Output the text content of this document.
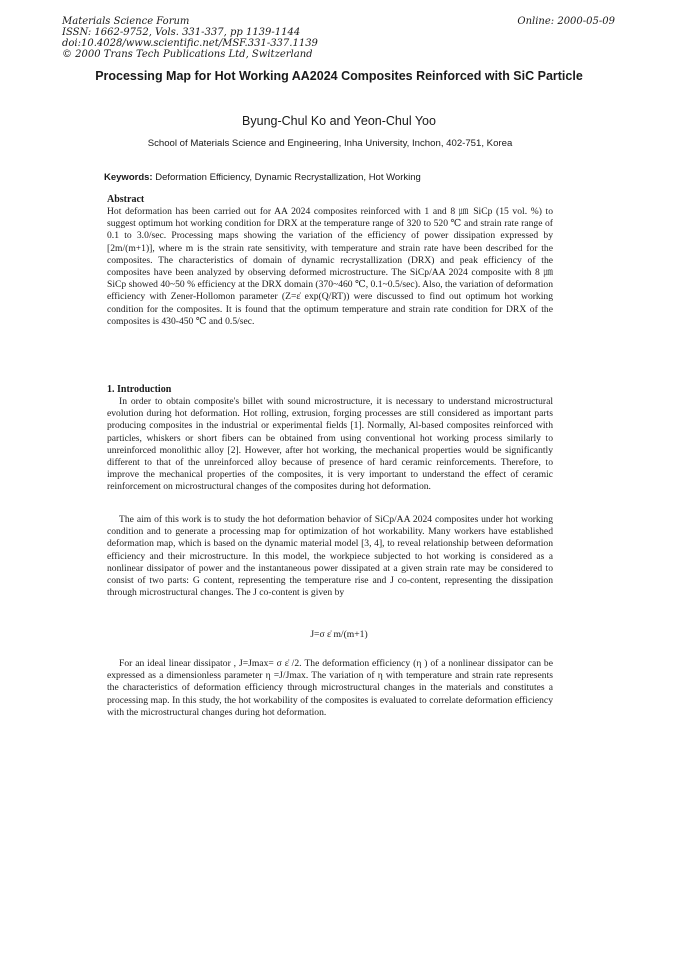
Materials Science Forum
ISSN: 1662-9752, Vols. 331-337, pp 1139-1144
doi:10.4028/www.scientific.net/MSF.331-337.1139
© 2000 Trans Tech Publications Ltd, Switzerland
Online: 2000-05-09
Processing Map for Hot Working AA2024 Composites Reinforced with SiC Particle
Byung-Chul Ko and Yeon-Chul Yoo
School of Materials Science and Engineering, Inha University, Inchon, 402-751, Korea
Keywords: Deformation Efficiency, Dynamic Recrystallization, Hot Working
Abstract
Hot deformation has been carried out for AA 2024 composites reinforced with 1 and 8 ㎛ SiCp (15 vol. %) to suggest optimum hot working condition for DRX at the temperature range of 320 to 520 ℃ and strain rate range of 0.1 to 3.0/sec. Processing maps showing the variation of the efficiency of power dissipation expressed by [2m/(m+1)], where m is the strain rate sensitivity, with temperature and strain rate have been described for the composites. The characteristics of domain of dynamic recrystallization (DRX) and peak efficiency of the composites have been analyzed by observing deformed microstructure. The SiCp/AA 2024 composite with 8 ㎛ SiCp showed 40~50 % efficiency at the DRX domain (370~460 ℃, 0.1~0.5/sec). Also, the variation of deformation efficiency with Zener-Hollomon parameter (Z=ε̇ exp(Q/RT)) were discussed to find out optimum hot working condition for the composites. It is found that the optimum temperature and strain rate condition for DRX of the composites is 430-450 ℃ and 0.5/sec.
1. Introduction
In order to obtain composite's billet with sound microstructure, it is necessary to understand microstructural evolution during hot deformation. Hot rolling, extrusion, forging processes are still considered as important parts producing composites in the industrial or experimental fields [1]. Normally, Al-based composites reinforced with particles, whiskers or short fibers can be obtained from using conventional hot working process similarly to unreinforced monolithic alloy [2]. However, after hot working, the mechanical properties would be significantly different to that of the unreinforced alloy because of presence of hard ceramic reinforcements. Therefore, to improve the mechanical properties of the composites, it is very important to understand the effect of ceramic reinforcement on microstructural changes of the composites during hot deformation.
The aim of this work is to study the hot deformation behavior of SiCp/AA 2024 composites under hot working condition and to generate a processing map for optimization of hot workability. Many workers have established deformation map, which is based on the dynamic material model [3, 4], to reveal relationship between deformation efficiency and their microstructure. In this model, the workpiece subjected to hot working is considered as a nonlinear dissipator of power and the instantaneous power dissipated at a given strain rate may be considered to consist of two parts: G content, representing the temperature rise and J co-content, representing the dissipation through microstructural changes. The J co-content is given by
J=σ ε̇ m/(m+1)
For an ideal linear dissipator , J=Jmax= σ ε̇ /2. The deformation efficiency (η ) of a nonlinear dissipator can be expressed as a dimensionless parameter η =J/Jmax. The variation of η with temperature and strain rate represents the characteristics of deformation efficiency through microstructural changes in the materials and constitutes a processing map. In this study, the hot workability of the composites is evaluated to correlate deformation efficiency with the microstructural changes during hot deformation.
